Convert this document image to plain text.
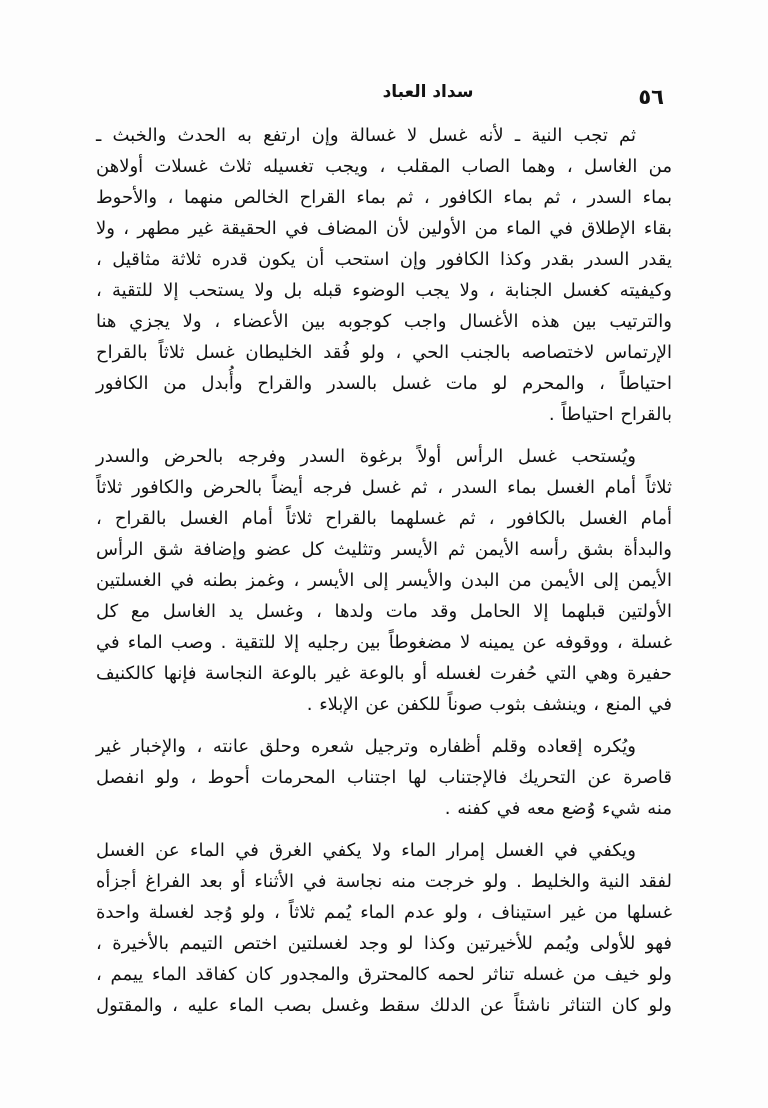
سداد العباد	٥٦
ثم تجب النية ـ لأنه غسل لا غسالة وإن ارتفع به الحدث والخبث ـ
من الغاسل ، وهما الصاب المقلب ، ويجب تغسيله ثلاث غسلات أولاهن
بماء السدر ، ثم بماء الكافور ، ثم بماء القراح الخالص منهما ، والأحوط
بقاء الإطلاق في الماء من الأولين لأن المضاف في الحقيقة غير مطهر ، ولا
يقدر السدر بقدر وكذا الكافور وإن استحب أن يكون قدره ثلاثة مثاقيل ،
وكيفيته كغسل الجنابة ، ولا يجب الوضوء قبله بل ولا يستحب إلا للتقية ،
والترتيب بين هذه الأغسال واجب كوجوبه بين الأعضاء ، ولا يجزي هنا
الإرتماس لاختصاصه بالجنب الحي ، ولو فُقد الخليطان غسل ثلاثاً بالقراح
احتياطاً ، والمحرم لو مات غسل بالسدر والقراح وأُبدل من الكافور
بالقراح احتياطاً .
ويُستحب غسل الرأس أولاً برغوة السدر وفرجه بالحرض والسدر
ثلاثاً أمام الغسل بماء السدر ، ثم غسل فرجه أيضاً بالحرض والكافور ثلاثاً
أمام الغسل بالكافور ، ثم غسلهما بالقراح ثلاثاً أمام الغسل بالقراح ،
والبدأة بشق رأسه الأيمن ثم الأيسر وتثليث كل عضو وإضافة شق الرأس
الأيمن إلى الأيمن من البدن والأيسر إلى الأيسر ، وغمز بطنه في الغسلتين
الأولتين قبلهما إلا الحامل وقد مات ولدها ، وغسل يد الغاسل مع كل
غسلة ، ووقوفه عن يمينه لا مضغوطاً بين رجليه إلا للتقية . وصب الماء في
حفيرة وهي التي حُفرت لغسله أو بالوعة غير بالوعة النجاسة فإنها كالكنيف
في المنع ، وينشف بثوب صوناً للكفن عن الإبلاء .
ويُكره إقعاده وقلم أظفاره وترجيل شعره وحلق عانته ، والإخبار غير
قاصرة عن التحريك فالإجتناب لها اجتناب المحرمات أحوط ، ولو انفصل
منه شيء وُضع معه في كفنه .
ويكفي في الغسل إمرار الماء ولا يكفي الغرق في الماء عن الغسل
لفقد النية والخليط . ولو خرجت منه نجاسة في الأثناء أو بعد الفراغ أجزأه
غسلها من غير استيناف ، ولو عدم الماء يُمم ثلاثاً ، ولو وُجد لغسلة واحدة
فهو للأولى ويُمم للأخيرتين وكذا لو وجد لغسلتين اختص التيمم بالأخيرة ،
ولو خيف من غسله تناثر لحمه كالمحترق والمجدور كان كفاقد الماء ييمم ،
ولو كان التناثر ناشئاً عن الدلك سقط وغسل بصب الماء عليه ، والمقتول
